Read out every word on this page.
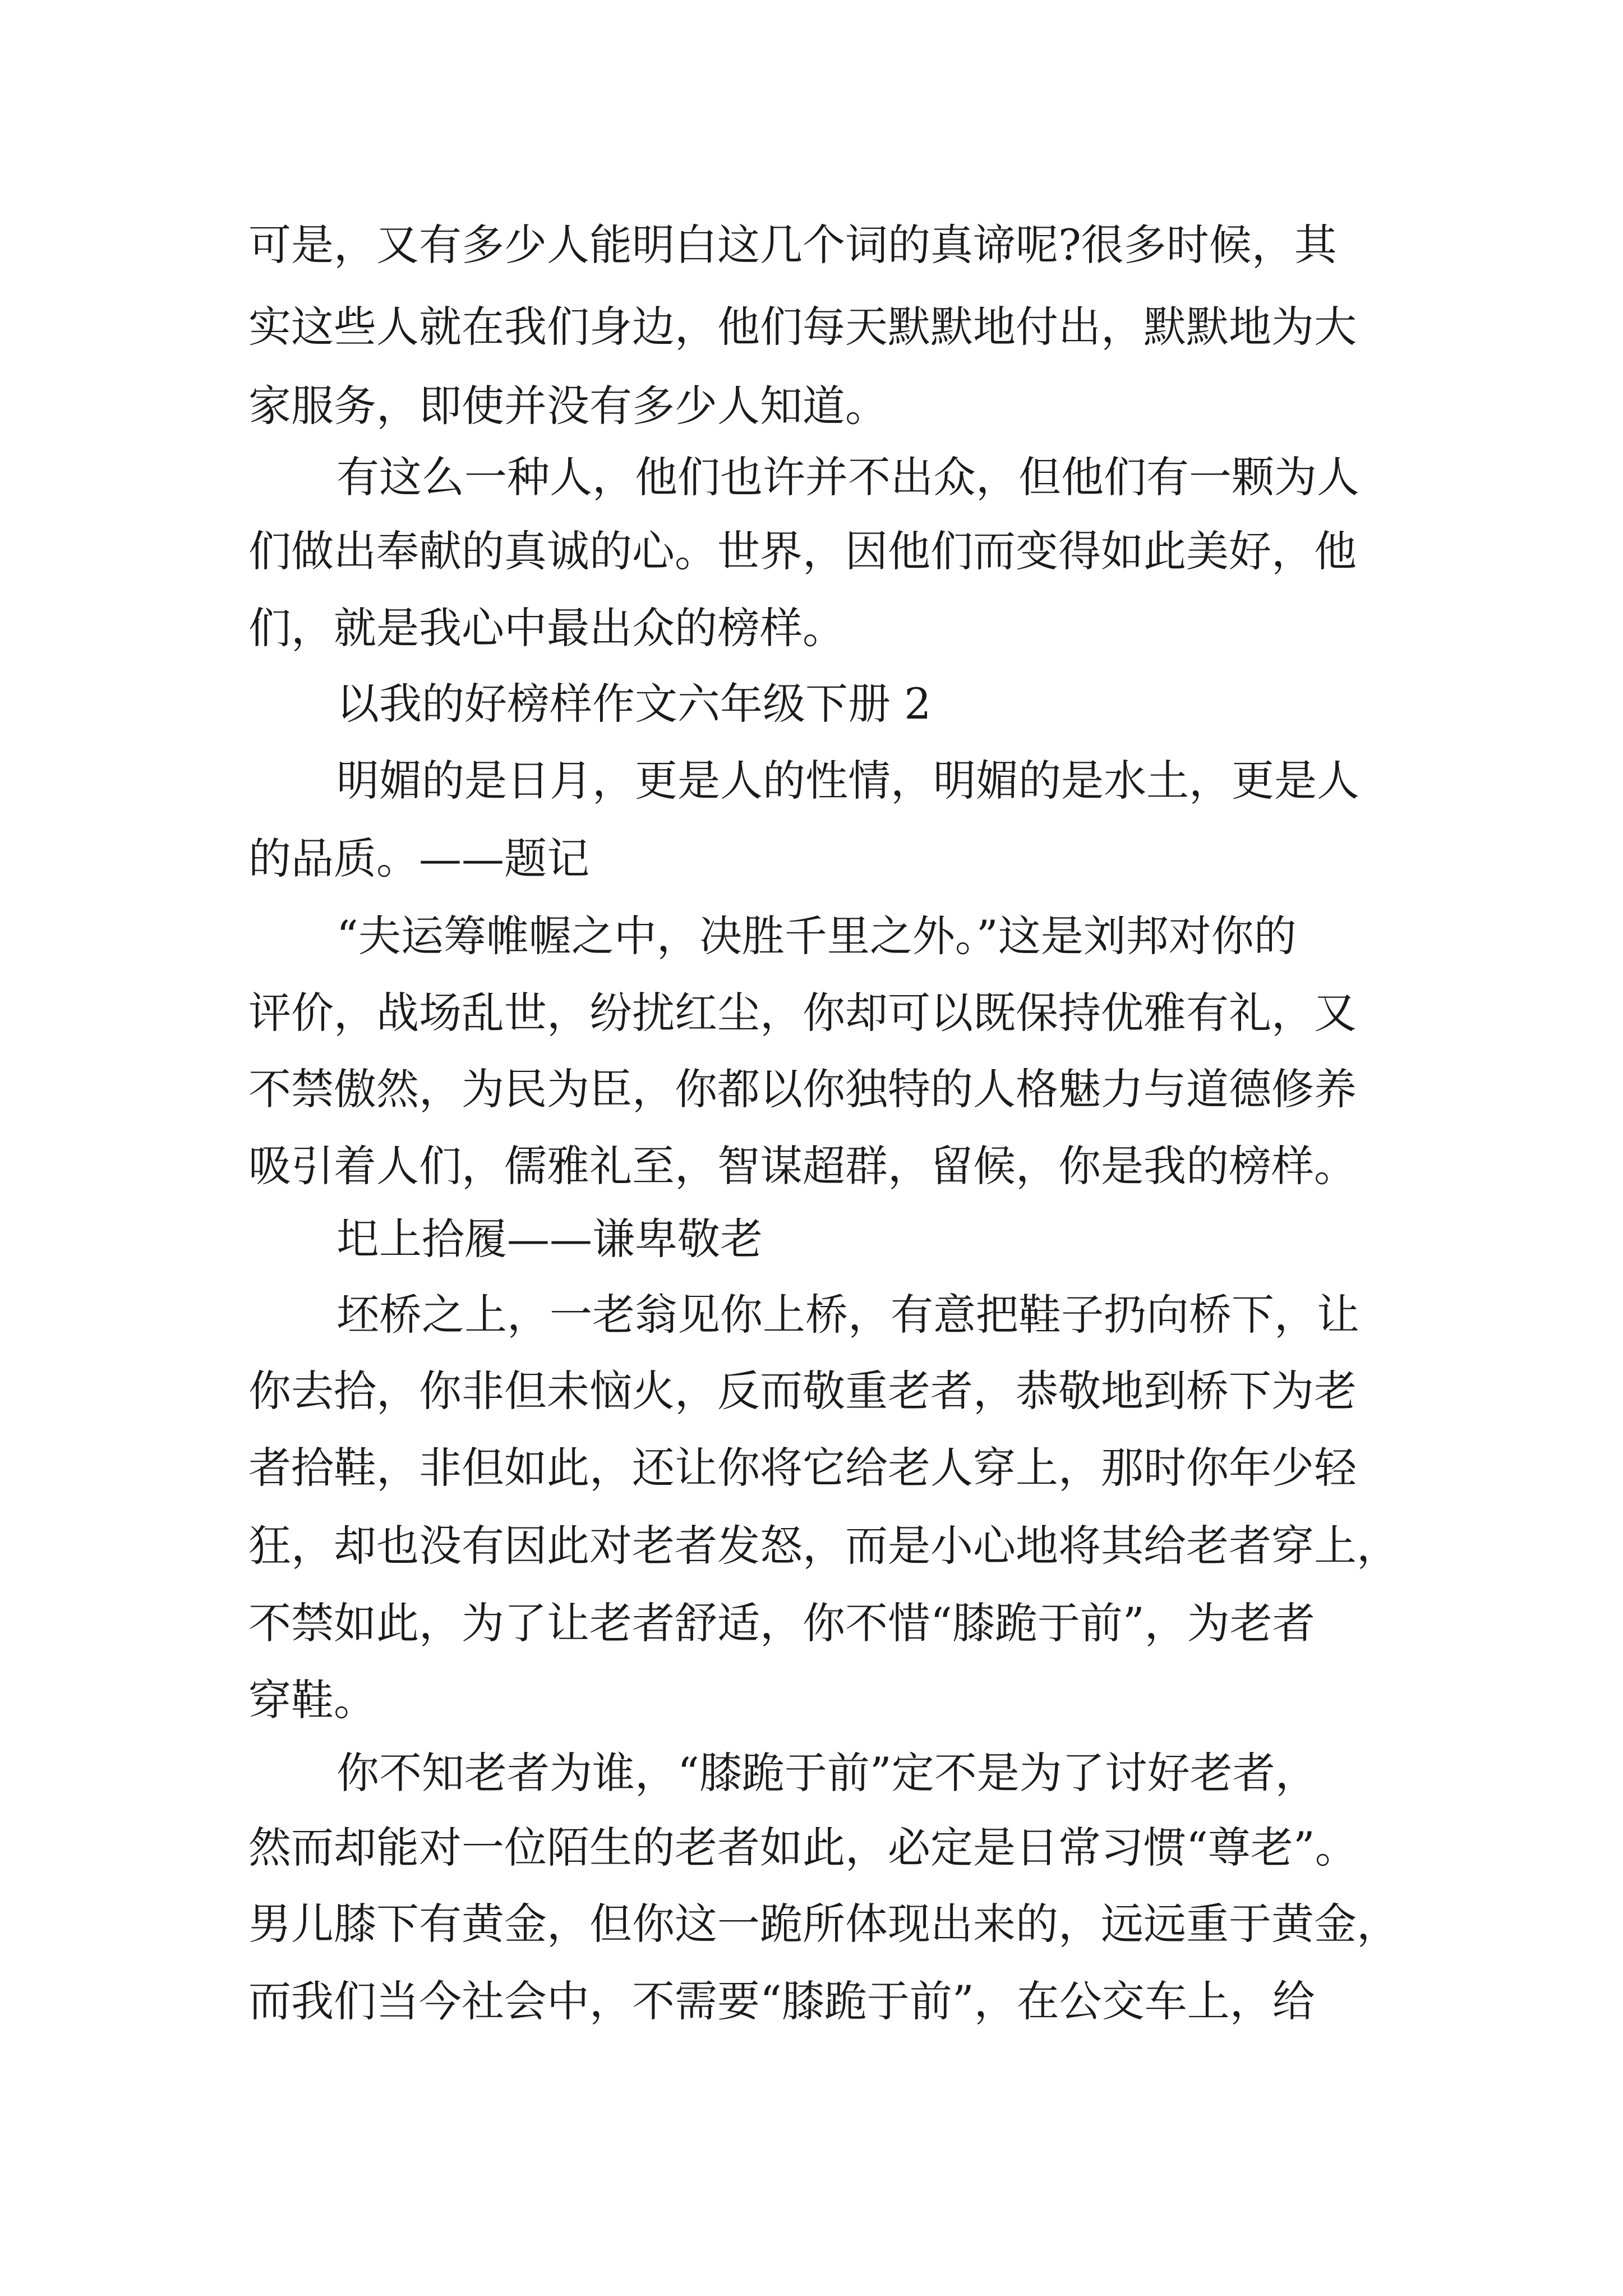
可是，又有多少人能明白这几个词的真谛呢?很多时候，其

实这些人就在我们身边，他们每天默默地付出，默默地为大

家服务，即使并没有多少人知道。

有这么一种人，他们也许并不出众，但他们有一颗为人

们做出奉献的真诚的心。世界，因他们而变得如此美好，他

们，就是我心中最出众的榜样。

以我的好榜样作文六年级下册 2

明媚的是日月，更是人的性情，明媚的是水土，更是人

的品质。——题记

“夫运筹帷幄之中，决胜千里之外。”这是刘邦对你的

评价，战场乱世，纷扰红尘，你却可以既保持优雅有礼，又

不禁傲然，为民为臣，你都以你独特的人格魅力与道德修养

吸引着人们，儒雅礼至，智谋超群，留候，你是我的榜样。

圯上拾履——谦卑敬老

坯桥之上，一老翁见你上桥，有意把鞋子扔向桥下，让

你去拾，你非但未恼火，反而敬重老者，恭敬地到桥下为老

者拾鞋，非但如此，还让你将它给老人穿上，那时你年少轻

狂，却也没有因此对老者发怒，而是小心地将其给老者穿上，

不禁如此，为了让老者舒适，你不惜“膝跪于前”，为老者

穿鞋。

你不知老者为谁，“膝跪于前”定不是为了讨好老者，

然而却能对一位陌生的老者如此，必定是日常习惯“尊老”。

男儿膝下有黄金，但你这一跪所体现出来的，远远重于黄金，

而我们当今社会中，不需要“膝跪于前”，在公交车上，给
